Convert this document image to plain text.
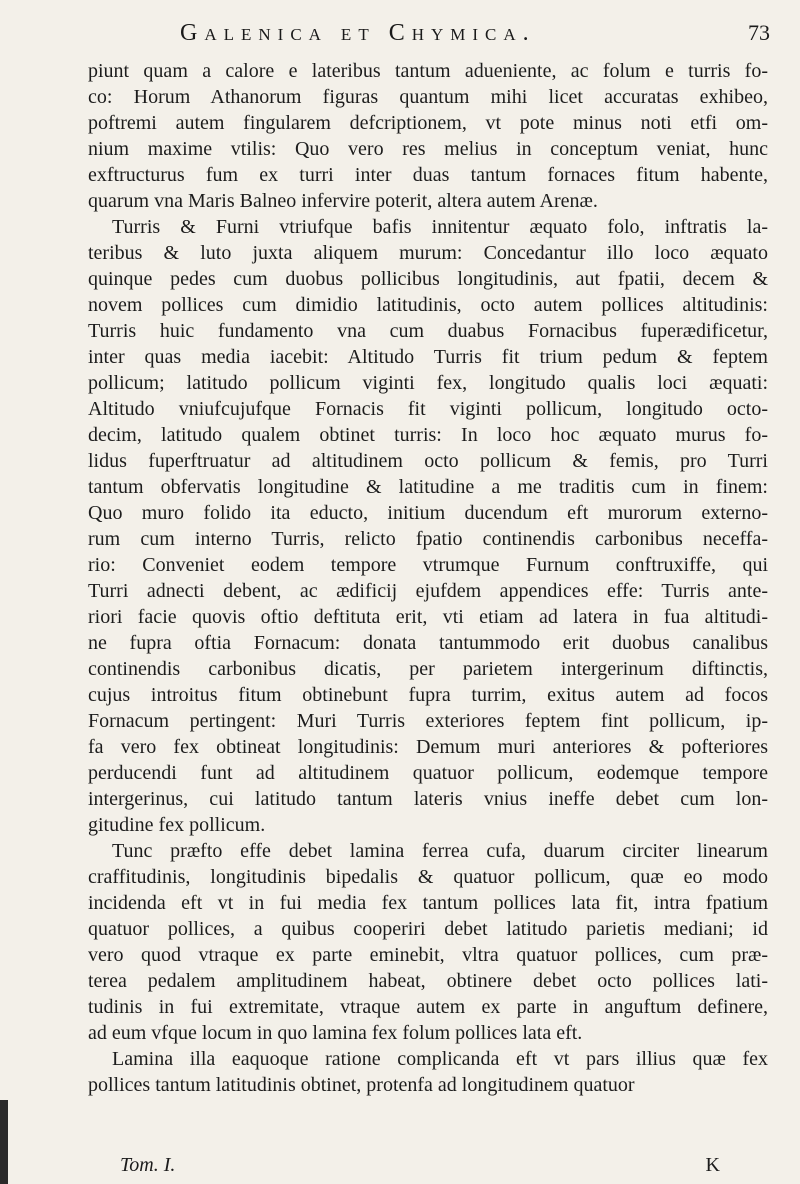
Galenica et Chymica.	73
piunt quam a calore e lateribus tantum adueniente, ac folum e turris fo-
co: Horum Athanorum figuras quantum mihi licet accuratas exhibeo,
poftremi autem fingularem defcriptionem, vt pote minus noti etfi om-
nium maxime vtilis: Quo vero res melius in conceptum veniat, hunc
exftructurus fum ex turri inter duas tantum fornaces fitum habente,
quarum vna Maris Balneo infervire poterit, altera autem Arenæ.
Turris & Furni vtriufque bafis innitentur æquato folo, inftratis la-
teribus & luto juxta aliquem murum: Concedantur illo loco æquato
quinque pedes cum duobus pollicibus longitudinis, aut fpatii, decem &
novem pollices cum dimidio latitudinis, octo autem pollices altitudinis:
Turris huic fundamento vna cum duabus Fornacibus fuperædificetur,
inter quas media iacebit: Altitudo Turris fit trium pedum & feptem
pollicum; latitudo pollicum viginti fex, longitudo qualis loci æquati:
Altitudo vniufcujufque Fornacis fit viginti pollicum, longitudo octo-
decim, latitudo qualem obtinet turris: In loco hoc æquato murus fo-
lidus fuperftruatur ad altitudinem octo pollicum & femis, pro Turri
tantum obfervatis longitudine & latitudine a me traditis cum in finem:
Quo muro folido ita educto, initium ducendum eft murorum externo-
rum cum interno Turris, relicto fpatio continendis carbonibus neceffa-
rio: Conveniet eodem tempore vtrumque Furnum conftruxiffe, qui
Turri adnecti debent, ac ædificij ejufdem appendices effe: Turris ante-
riori facie quovis oftio deftituta erit, vti etiam ad latera in fua altitudi-
ne fupra oftia Fornacum: donata tantummodo erit duobus canalibus
continendis carbonibus dicatis, per parietem intergerinum diftinctis,
cujus introitus fitum obtinebunt fupra turrim, exitus autem ad focos
Fornacum pertingent: Muri Turris exteriores feptem fint pollicum, ip-
fa vero fex obtineat longitudinis: Demum muri anteriores & pofteriores
perducendi funt ad altitudinem quatuor pollicum, eodemque tempore
intergerinus, cui latitudo tantum lateris vnius ineffe debet cum lon-
gitudine fex pollicum.
Tunc præfto effe debet lamina ferrea cufa, duarum circiter linearum
craffitudinis, longitudinis bipedalis & quatuor pollicum, quæ eo modo
incidenda eft vt in fui media fex tantum pollices lata fit, intra fpatium
quatuor pollices, a quibus cooperiri debet latitudo parietis mediani; id
vero quod vtraque ex parte eminebit, vltra quatuor pollices, cum præ-
terea pedalem amplitudinem habeat, obtinere debet octo pollices lati-
tudinis in fui extremitate, vtraque autem ex parte in anguftum definere,
ad eum vfque locum in quo lamina fex folum pollices lata eft.
Lamina illa eaquoque ratione complicanda eft vt pars illius quæ fex
pollices tantum latitudinis obtinet, protenfa ad longitudinem quatuor
Tom. I.	K
